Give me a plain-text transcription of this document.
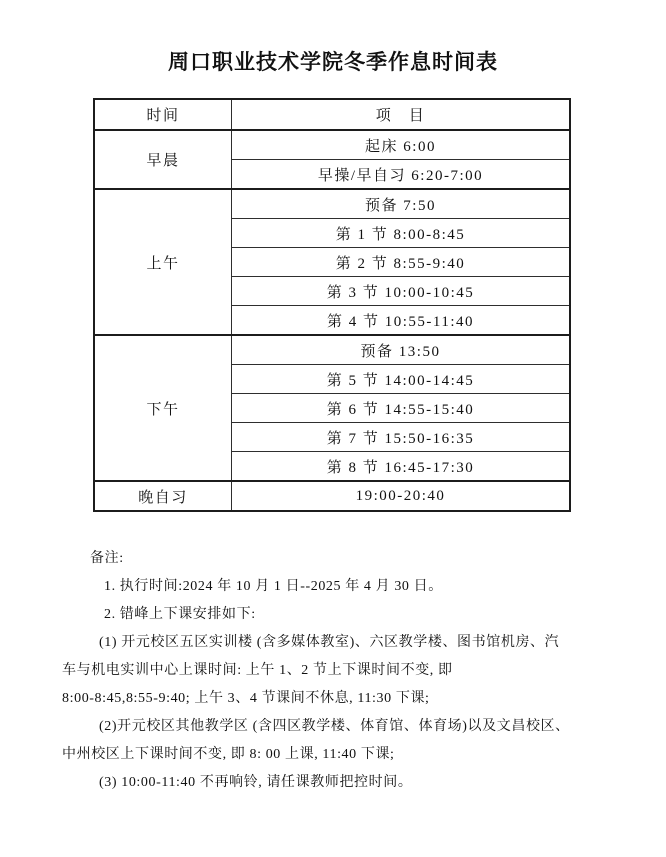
周口职业技术学院冬季作息时间表
时间	项　目
早晨	起床 6:00
	早操/早自习 6:20-7:00
上午	预备 7:50
	第 1 节 8:00-8:45
	第 2 节 8:55-9:40
	第 3 节 10:00-10:45
	第 4 节 10:55-11:40
下午	预备 13:50
	第 5 节 14:00-14:45
	第 6 节 14:55-15:40
	第 7 节 15:50-16:35
	第 8 节 16:45-17:30
晚自习	19:00-20:40
备注:
1. 执行时间:2024 年 10 月 1 日--2025 年 4 月 30 日。
2. 错峰上下课安排如下:
(1) 开元校区五区实训楼 (含多媒体教室)、六区教学楼、图书馆机房、汽
车与机电实训中心上课时间: 上午 1、2 节上下课时间不变, 即
8:00-8:45,8:55-9:40; 上午 3、4 节课间不休息, 11:30 下课;
(2)开元校区其他教学区 (含四区教学楼、体育馆、体育场)以及文昌校区、
中州校区上下课时间不变, 即 8: 00 上课, 11:40 下课;
(3) 10:00-11:40 不再响铃, 请任课教师把控时间。
